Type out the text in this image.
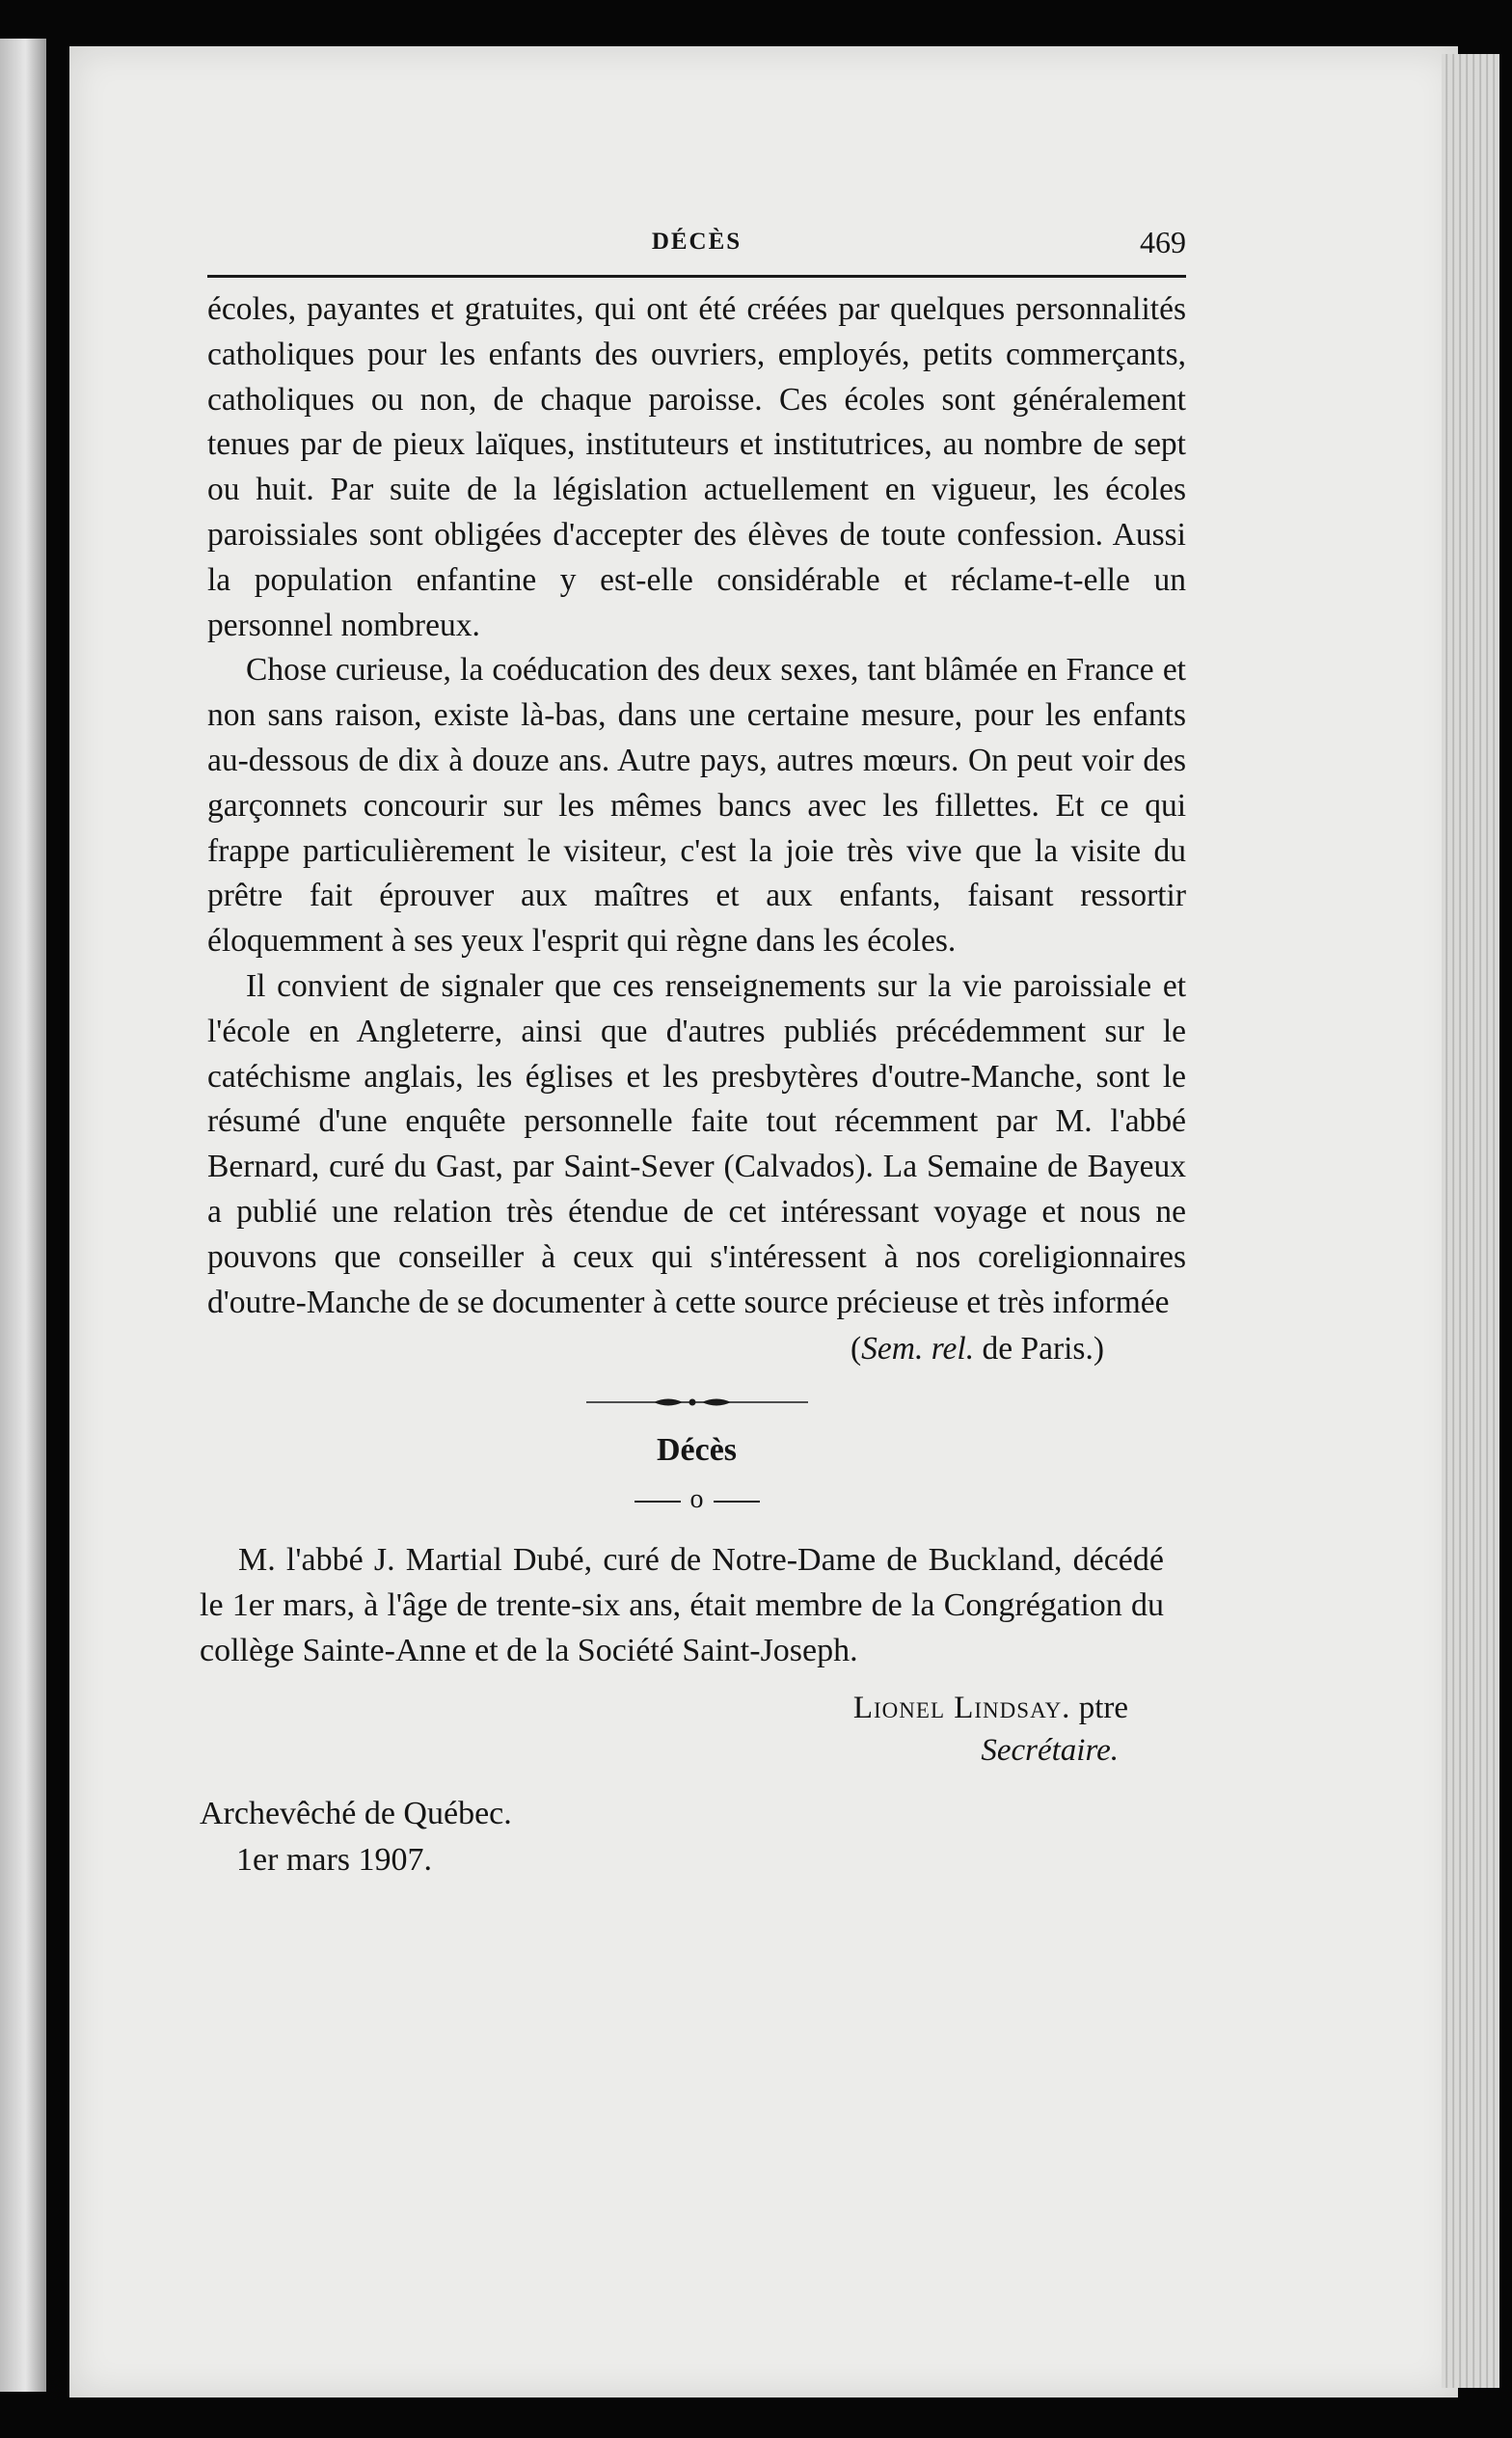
DÉCÈS	469

écoles, payantes et gratuites, qui ont été créées par quelques personnalités catholiques pour les enfants des ouvriers, employés, petits commerçants, catholiques ou non, de chaque paroisse. Ces écoles sont généralement tenues par de pieux laïques, instituteurs et institutrices, au nombre de sept ou huit. Par suite de la législation actuellement en vigueur, les écoles paroissiales sont obligées d'accepter des élèves de toute confession. Aussi la population enfantine y est-elle considérable et réclame-t-elle un personnel nombreux.

Chose curieuse, la coéducation des deux sexes, tant blâmée en France et non sans raison, existe là-bas, dans une certaine mesure, pour les enfants au-dessous de dix à douze ans. Autre pays, autres mœurs. On peut voir des garçonnets concourir sur les mêmes bancs avec les fillettes. Et ce qui frappe particulièrement le visiteur, c'est la joie très vive que la visite du prêtre fait éprouver aux maîtres et aux enfants, faisant ressortir éloquemment à ses yeux l'esprit qui règne dans les écoles.

Il convient de signaler que ces renseignements sur la vie paroissiale et l'école en Angleterre, ainsi que d'autres publiés précédemment sur le catéchisme anglais, les églises et les presbytères d'outre-Manche, sont le résumé d'une enquête personnelle faite tout récemment par M. l'abbé Bernard, curé du Gast, par Saint-Sever (Calvados). La Semaine de Bayeux a publié une relation très étendue de cet intéressant voyage et nous ne pouvons que conseiller à ceux qui s'intéressent à nos coreligionnaires d'outre-Manche de se documenter à cette source précieuse et très informée

(Sem. rel. de Paris.)
Décès
o

M. l'abbé J. Martial Dubé, curé de Notre-Dame de Buckland, décédé le 1er mars, à l'âge de trente-six ans, était membre de la Congrégation du collège Sainte-Anne et de la Société Saint-Joseph.

Lionel Lindsay. ptre
Secrétaire.
Archevêché de Québec.
1er mars 1907.
